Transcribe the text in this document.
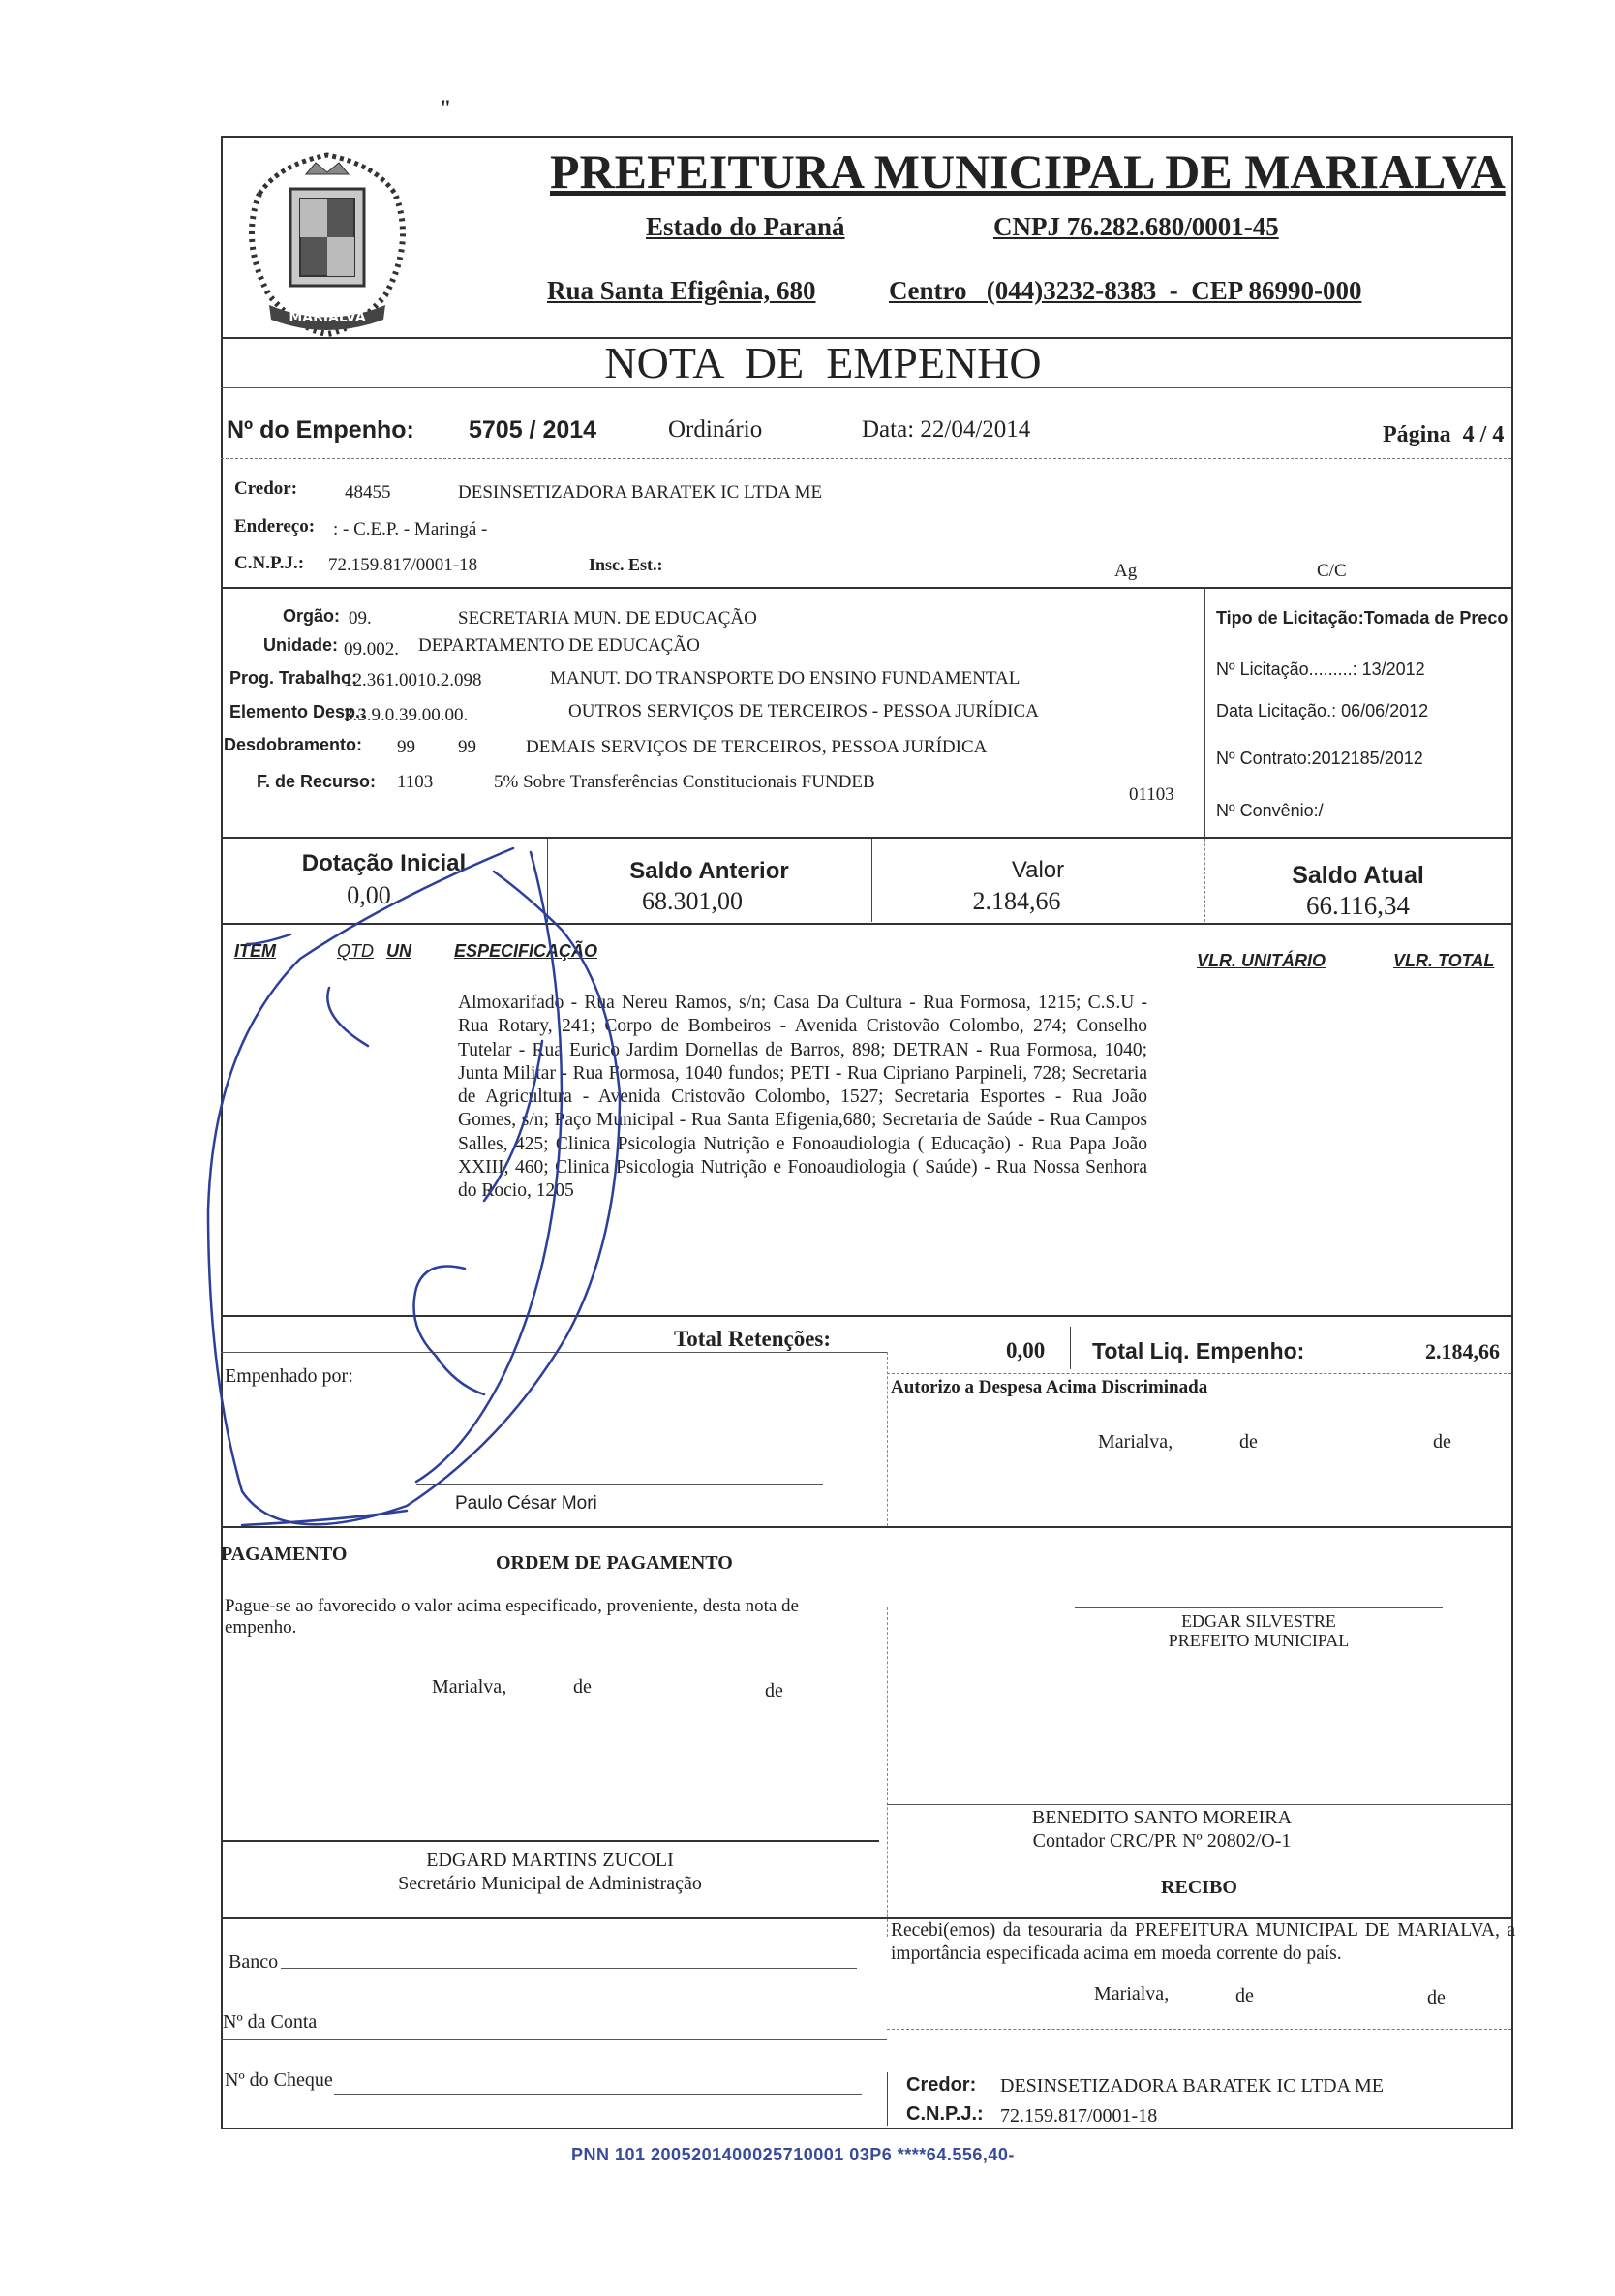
"
MARIALVA
PREFEITURA MUNICIPAL DE MARIALVA
Estado do Paraná	CNPJ 76.282.680/0001-45
Rua Santa Efigênia, 680	Centro   (044)3232-8383  -  CEP 86990-000
NOTA  DE  EMPENHO
Nº do Empenho: 5705 / 2014	Ordinário	Data: 22/04/2014	Página  4 / 4
Credor:	48455	DESINSETIZADORA BARATEK IC LTDA ME
Endereço: : - C.E.P. - Maringá -
C.N.P.J.: 72.159.817/0001-18	Insc. Est.:	Ag	C/C
Orgão: 09.	SECRETARIA MUN. DE EDUCAÇÃO
Unidade: 09.002. DEPARTAMENTO DE EDUCAÇÃO
Prog. Trabalho:
12.361.0010.2.098	MANUT. DO TRANSPORTE DO ENSINO FUNDAMENTAL
Elemento Desp.:
3.3.9.0.39.00.00.	OUTROS SERVIÇOS DE TERCEIROS - PESSOA JURÍDICA
Desdobramento: 99 99	DEMAIS SERVIÇOS DE TERCEIROS, PESSOA JURÍDICA
F. de Recurso: 1103	5% Sobre Transferências Constitucionais FUNDEB
01103
Tipo de Licitação:Tomada de Preco
Nº Licitação.........: 13/2012
Data Licitação.: 06/06/2012
Nº Contrato:2012185/2012
Nº Convênio:/
Dotação Inicial
0,00
Saldo Anterior
68.301,00
Valor
2.184,66
Saldo Atual
66.116,34
ITEM	QTD UN ESPECIFICAÇÃO	VLR. UNITÁRIO	VLR. TOTAL
Almoxarifado - Rua Nereu Ramos, s/n; Casa Da Cultura - Rua Formosa, 1215; C.S.U - Rua Rotary, 241; Corpo de Bombeiros - Avenida Cristovão Colombo, 274; Conselho Tutelar - Rua Eurico Jardim Dornellas de Barros, 898; DETRAN - Rua Formosa, 1040; Junta Militar - Rua Formosa, 1040 fundos; PETI - Rua Cipriano Parpineli, 728; Secretaria de Agricultura - Avenida Cristovão Colombo, 1527; Secretaria Esportes - Rua João Gomes, s/n; Paço Municipal - Rua Santa Efigenia,680; Secretaria de Saúde - Rua Campos Salles, 425; Clinica Psicologia Nutrição e Fonoaudiologia ( Educação) - Rua Papa João XXIII, 460; Clinica Psicologia Nutrição e Fonoaudiologia ( Saúde) - Rua Nossa Senhora do Rocio, 1205
Total Retenções:	0,00 Total Liq. Empenho:	2.184,66
Empenhado por:
Autorizo a Despesa Acima Discriminada
Marialva,	de	de
Paulo César Mori
PAGAMENTO	ORDEM DE PAGAMENTO
Pague-se ao favorecido o valor acima especificado, proveniente, desta nota de empenho.
Marialva,	de	de
EDGAR SILVESTRE
PREFEITO MUNICIPAL
EDGARD MARTINS ZUCOLI
Secretário Municipal de Administração
BENEDITO SANTO MOREIRA
Contador CRC/PR Nº 20802/O-1
RECIBO
Recebi(emos) da tesouraria da PREFEITURA MUNICIPAL DE MARIALVA, a importância especificada acima em moeda corrente do país.
Marialva,	de	de
Banco
Nº da Conta
Nº do Cheque	Credor: DESINSETIZADORA BARATEK IC LTDA ME
C.N.P.J.: 72.159.817/0001-18
PNN 101 2005201400025710001 03P6 ****64.556,40-
